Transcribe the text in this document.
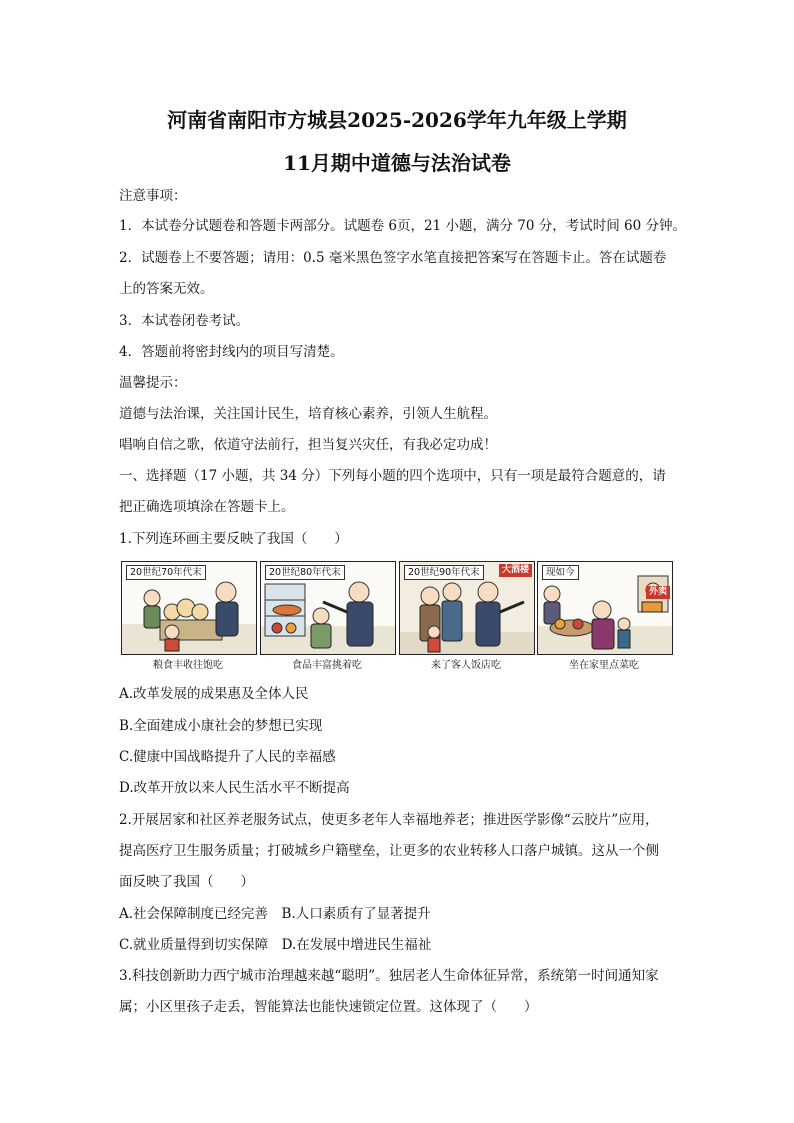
河南省南阳市方城县2025-2026学年九年级上学期
11月期中道德与法治试卷
注意事项：
1．本试卷分试题卷和答题卡两部分。试题卷 6页，21 小题，满分 70 分，考试时间 60 分钟。
2．试题卷上不要答题；请用：0.5 毫米黑色签字水笔直接把答案写在答题卡止。答在试题卷
上的答案无效。
3．本试卷闭卷考试。
4．答题前将密封线内的项目写清楚。
温馨提示：
道德与法治课，关注国计民生，培育核心素养，引领人生航程。
唱响自信之歌，依道守法前行，担当复兴灾任，有我必定功成！
一、选择题（17 小题，共 34 分）下列每小题的四个选项中，只有一项是最符合题意的，请
把正确选项填涂在答题卡上。
1.下列连环画主要反映了我国（　　）
20世纪70年代末
粮食丰收往饱吃
20世纪80年代末
食品丰富挑着吃
20世纪90年代末	大酒楼
来了客人饭店吃
现如今
外卖
坐在家里点菜吃
A.改革发展的成果惠及全体人民
B.全面建成小康社会的梦想已实现
C.健康中国战略提升了人民的幸福感
D.改革开放以来人民生活水平不断提高
2.开展居家和社区养老服务试点，使更多老年人幸福地养老；推进医学影像“云胶片”应用，
提高医疗卫生服务质量；打破城乡户籍壁垒，让更多的农业转移人口落户城镇。这从一个侧
面反映了我国（　　）
A.社会保障制度已经完善　B.人口素质有了显著提升
C.就业质量得到切实保障　D.在发展中增进民生福祉
3.科技创新助力西宁城市治理越来越“聪明”。独居老人生命体征异常，系统第一时间通知家
属；小区里孩子走丢，智能算法也能快速锁定位置。这体现了（　　）
